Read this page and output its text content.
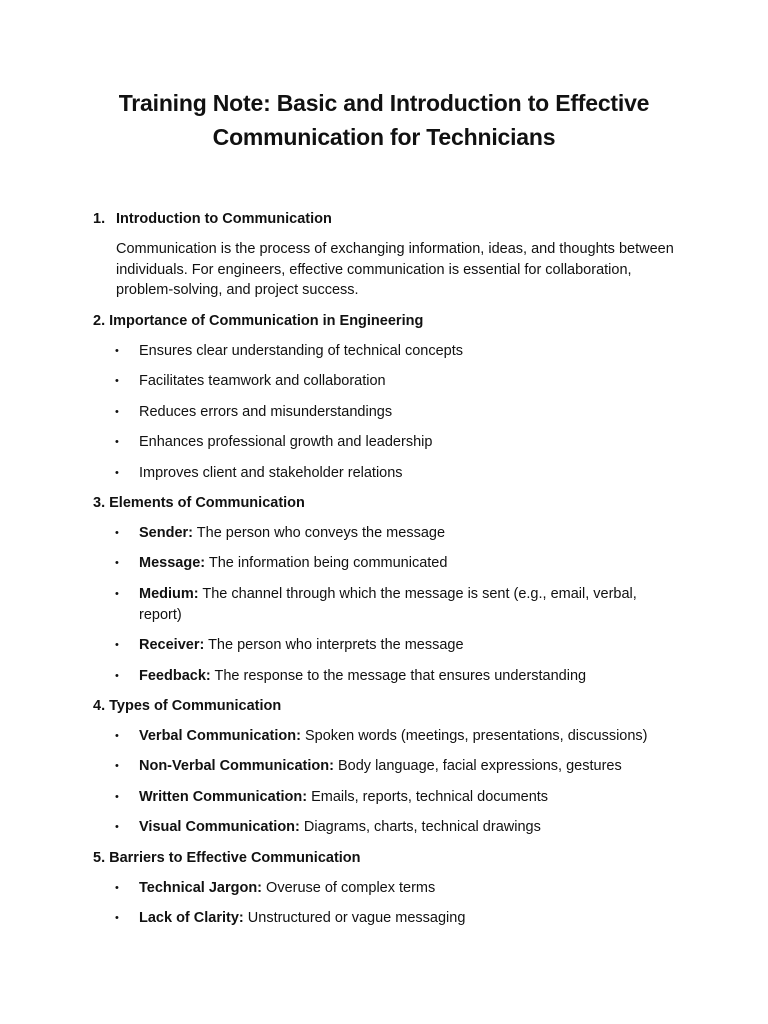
Training Note: Basic and Introduction to Effective
Communication for Technicians
1. Introduction to Communication
Communication is the process of exchanging information, ideas, and thoughts between individuals. For engineers, effective communication is essential for collaboration, problem-solving, and project success.
2. Importance of Communication in Engineering
•	Ensures clear understanding of technical concepts
•	Facilitates teamwork and collaboration
•	Reduces errors and misunderstandings
•	Enhances professional growth and leadership
•	Improves client and stakeholder relations
3. Elements of Communication
•	Sender: The person who conveys the message
•	Message: The information being communicated
•	Medium: The channel through which the message is sent (e.g., email, verbal, report)
•	Receiver: The person who interprets the message
•	Feedback: The response to the message that ensures understanding
4. Types of Communication
•	Verbal Communication: Spoken words (meetings, presentations, discussions)
•	Non-Verbal Communication: Body language, facial expressions, gestures
•	Written Communication: Emails, reports, technical documents
•	Visual Communication: Diagrams, charts, technical drawings
5. Barriers to Effective Communication
•	Technical Jargon: Overuse of complex terms
•	Lack of Clarity: Unstructured or vague messaging
